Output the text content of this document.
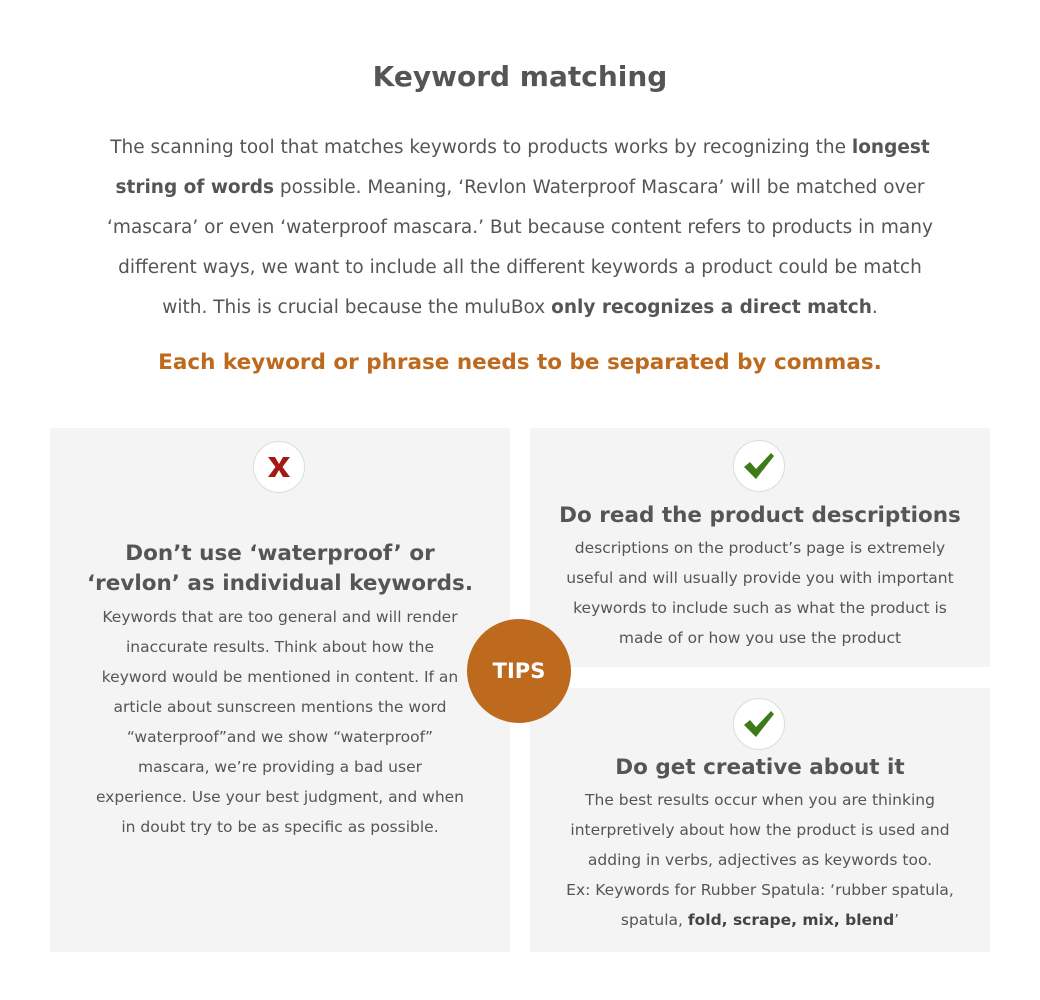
Keyword matching

The scanning tool that matches keywords to products works by recognizing the longest string of words possible. Meaning, ‘Revlon Waterproof Mascara’ will be matched over ‘mascara’ or even ‘waterproof mascara.’ But because content refers to products in many different ways, we want to include all the different keywords a product could be match with. This is crucial because the muluBox only recognizes a direct match.

Each keyword or phrase needs to be separated by commas.

Don’t use ‘waterproof’ or
‘revlon’ as individual keywords.

Keywords that are too general and will render inaccurate results. Think about how the keyword would be mentioned in content. If an article about sunscreen mentions the word “waterproof”and we show “waterproof” mascara, we’re providing a bad user experience. Use your best judgment, and when in doubt try to be as specific as possible.

Do read the product descriptions

descriptions on the product’s page is extremely useful and will usually provide you with important keywords to include such as what the product is made of or how you use the product

Do get creative about it

The best results occur when you are thinking interpretively about how the product is used and adding in verbs, adjectives as keywords too.
Ex: Keywords for Rubber Spatula: ‘rubber spatula, spatula, fold, scrape, mix, blend’

TIPS
